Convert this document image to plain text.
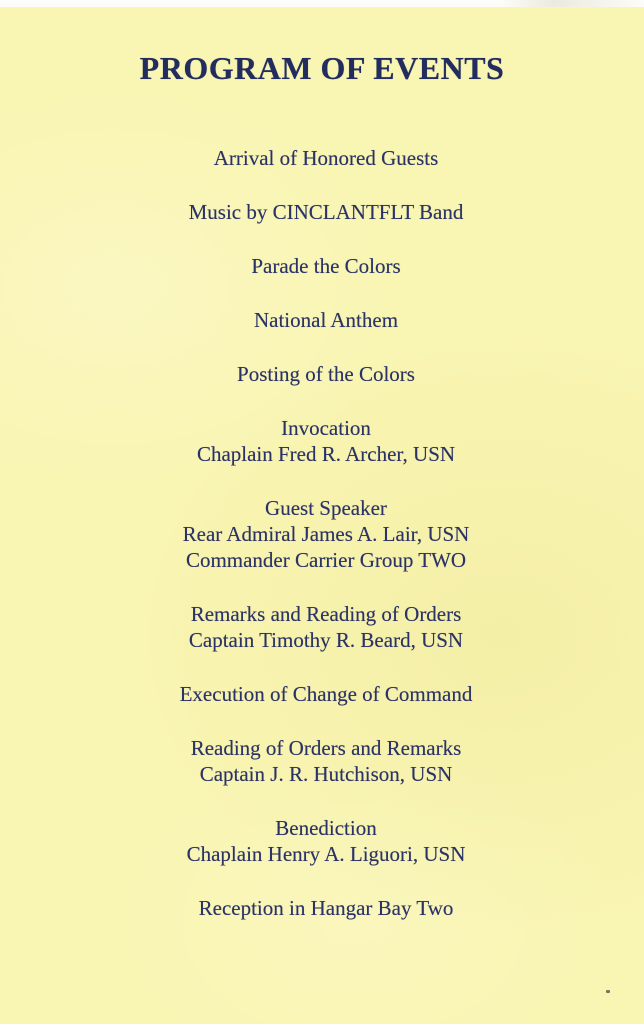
PROGRAM OF EVENTS
Arrival of Honored Guests
Music by CINCLANTFLT Band
Parade the Colors
National Anthem
Posting of the Colors
Invocation
Chaplain Fred R. Archer, USN
Guest Speaker
Rear Admiral James A. Lair, USN
Commander Carrier Group TWO
Remarks and Reading of Orders
Captain Timothy R. Beard, USN
Execution of Change of Command
Reading of Orders and Remarks
Captain J. R. Hutchison, USN
Benediction
Chaplain Henry A. Liguori, USN
Reception in Hangar Bay Two
